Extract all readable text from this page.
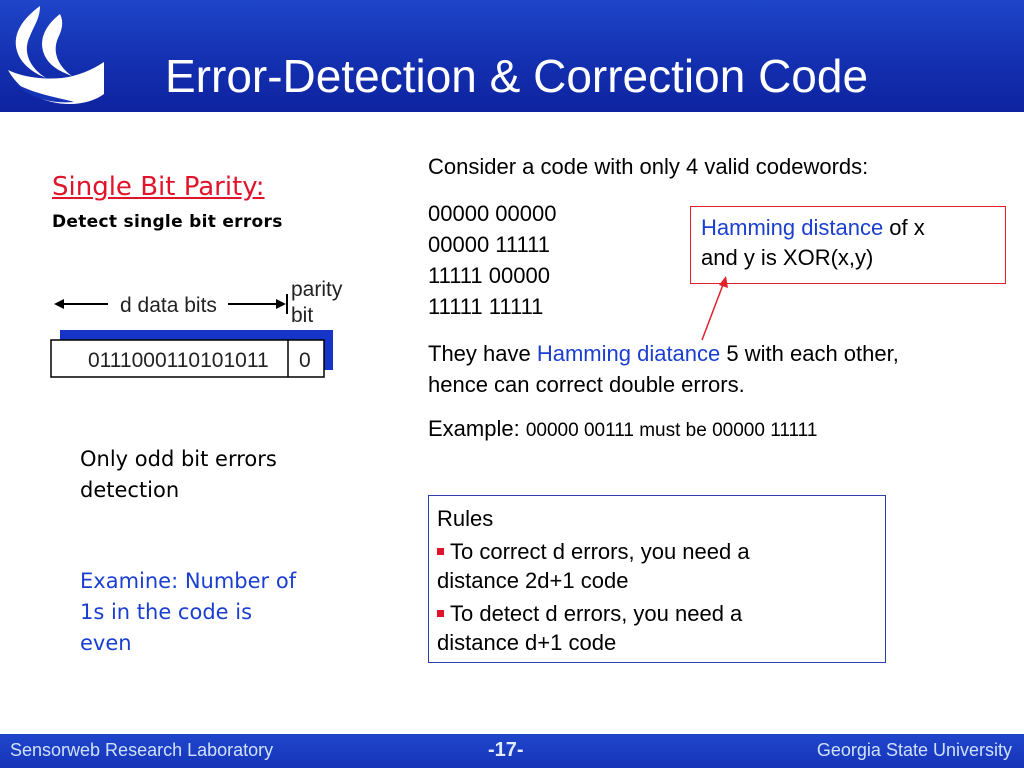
Error-Detection & Correction Code
Single Bit Parity:
Detect single bit errors
d data bits
parity
bit
0111000110101011 0
Only odd bit errors
detection
Examine: Number of
1s in the code is
even
Consider a code with only 4 valid codewords:
00000 00000
00000 11111
11111 00000
11111 11111
Hamming distance of x
and y is XOR(x,y)
They have Hamming diatance 5 with each other,
hence can correct double errors.
Example: 00000 00111 must be 00000 11111
Rules
To correct d errors, you need a
distance 2d+1 code
To detect d errors, you need a
distance d+1 code
Sensorweb Research Laboratory	-17-	Georgia State University
